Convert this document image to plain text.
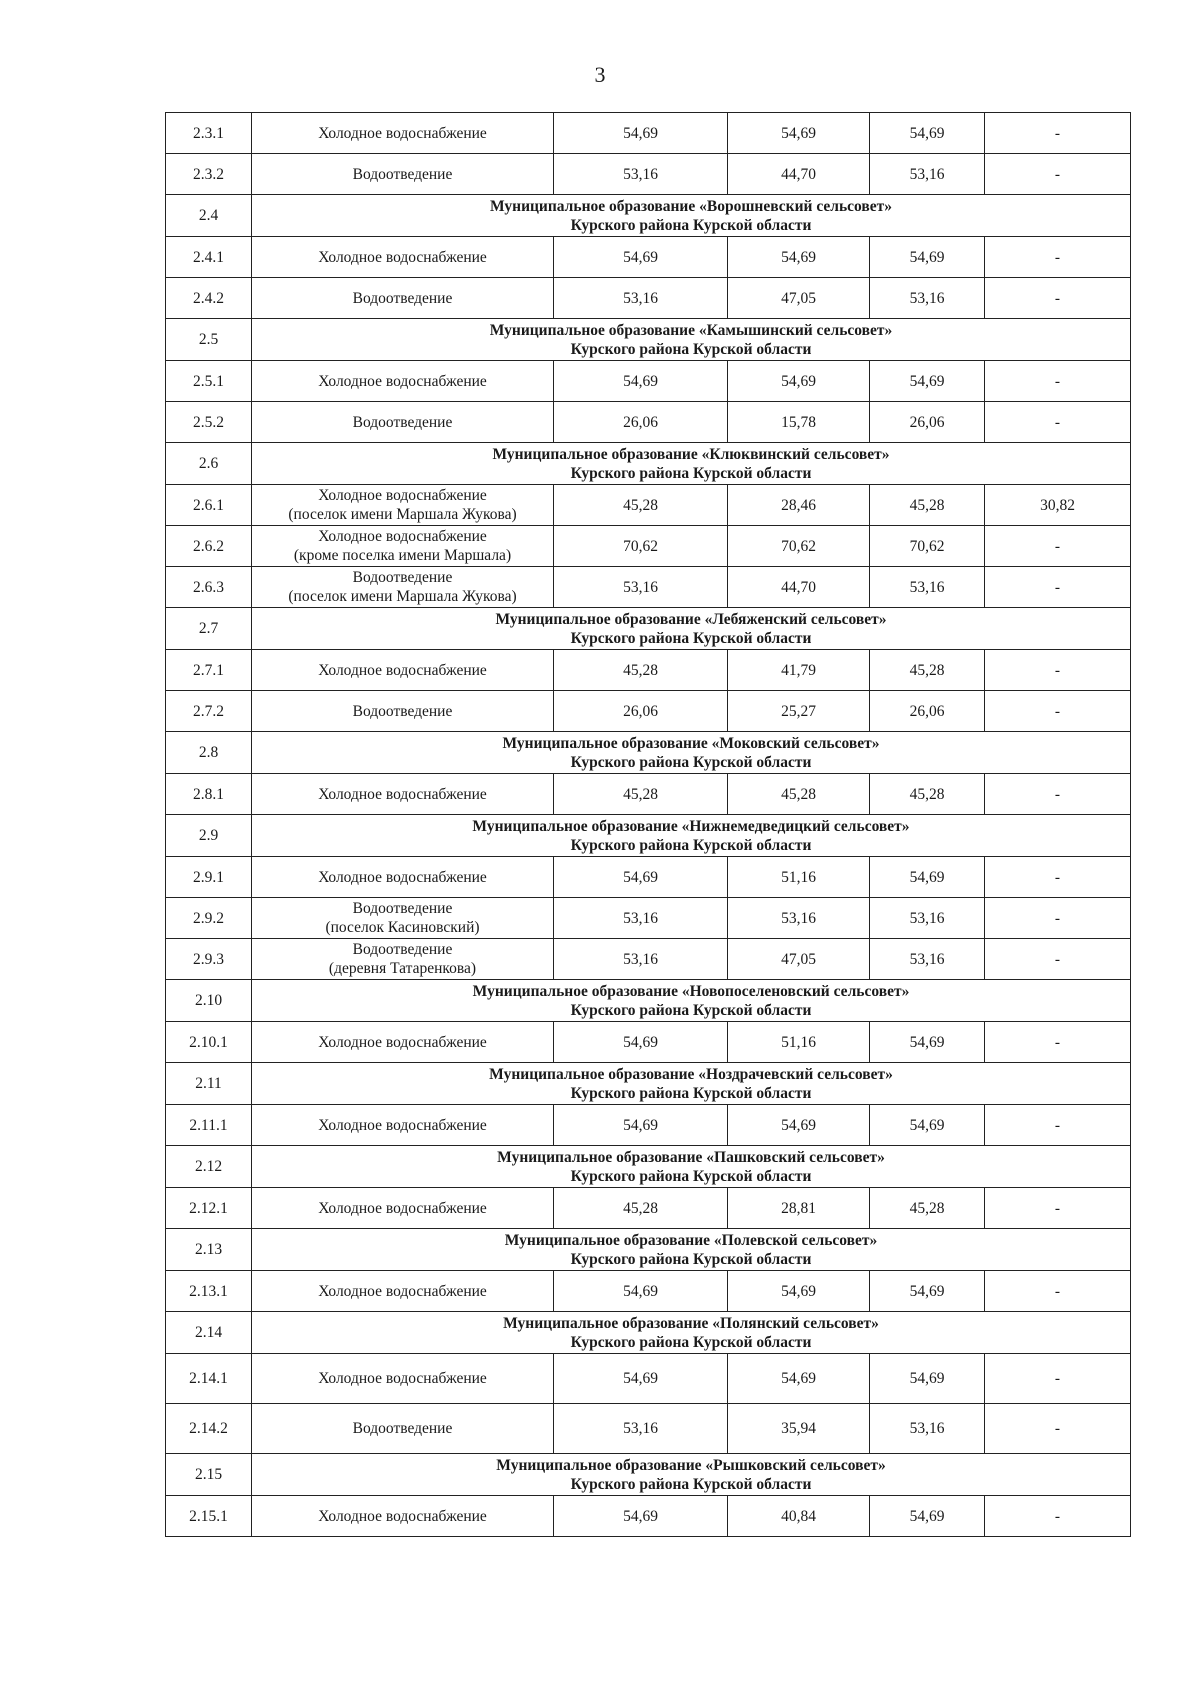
3
2.3.1	Холодное водоснабжение	54,69	54,69	54,69	-
2.3.2	Водоотведение	53,16	44,70	53,16	-
2.4	Муниципальное образование «Ворошневский сельсовет»
Курского района Курской области				

2.4.1	Холодное водоснабжение	54,69	54,69	54,69	-
2.4.2	Водоотведение	53,16	47,05	53,16	-
2.5	Муниципальное образование «Камышинский сельсовет»
Курского района Курской области				

2.5.1	Холодное водоснабжение	54,69	54,69	54,69	-
2.5.2	Водоотведение	26,06	15,78	26,06	-
2.6	Муниципальное образование «Клюквинский сельсовет»
Курского района Курской области				

2.6.1	Холодное водоснабжение
(поселок имени Маршала Жукова)	45,28	28,46	45,28	30,82
2.6.2	Холодное водоснабжение
(кроме поселка имени Маршала)	70,62	70,62	70,62	-
2.6.3	Водоотведение
(поселок имени Маршала Жукова)	53,16	44,70	53,16	-
2.7	Муниципальное образование «Лебяженский сельсовет»
Курского района Курской области				

2.7.1	Холодное водоснабжение	45,28	41,79	45,28	-
2.7.2	Водоотведение	26,06	25,27	26,06	-
2.8	Муниципальное образование «Моковский сельсовет»
Курского района Курской области				

2.8.1	Холодное водоснабжение	45,28	45,28	45,28	-
2.9	Муниципальное образование «Нижнемедведицкий сельсовет»
Курского района Курской области				

2.9.1	Холодное водоснабжение	54,69	51,16	54,69	-
2.9.2	Водоотведение
(поселок Касиновский)	53,16	53,16	53,16	-
2.9.3	Водоотведение
(деревня Татаренкова)	53,16	47,05	53,16	-
2.10	Муниципальное образование «Новопоселеновский сельсовет»
Курского района Курской области				

2.10.1	Холодное водоснабжение	54,69	51,16	54,69	-
2.11	Муниципальное образование «Ноздрачевский сельсовет»
Курского района Курской области				

2.11.1	Холодное водоснабжение	54,69	54,69	54,69	-
2.12	Муниципальное образование «Пашковский сельсовет»
Курского района Курской области				

2.12.1	Холодное водоснабжение	45,28	28,81	45,28	-
2.13	Муниципальное образование «Полевской сельсовет»
Курского района Курской области				

2.13.1	Холодное водоснабжение	54,69	54,69	54,69	-
2.14	Муниципальное образование «Полянский сельсовет»
Курского района Курской области				

2.14.1	Холодное водоснабжение	54,69	54,69	54,69	-
2.14.2	Водоотведение	53,16	35,94	53,16	-
2.15	Муниципальное образование «Рышковский сельсовет»
Курского района Курской области				

2.15.1	Холодное водоснабжение	54,69	40,84	54,69	-
